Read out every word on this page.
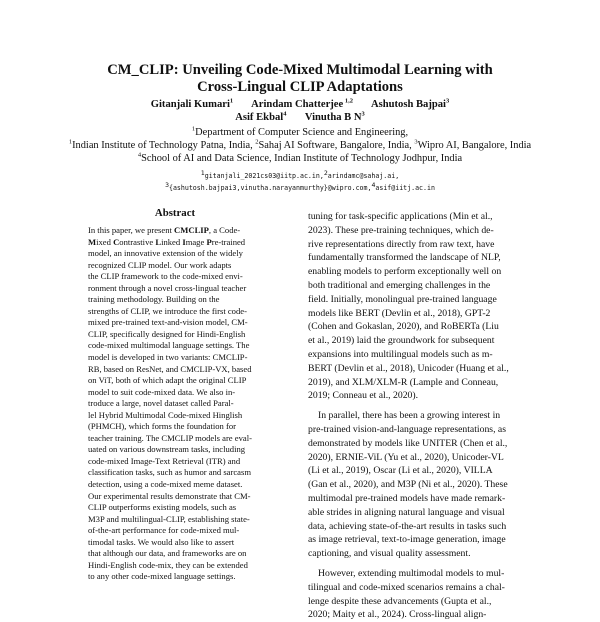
CM_CLIP: Unveiling Code-Mixed Multimodal Learning with
Cross-Lingual CLIP Adaptations
Gitanjali Kumari$^1$ Arindam Chatterjee $^{1,2}$ Ashutosh Bajpai$^3$
Asif Ekbal$^4$ Vinutha B $N^3$
$^1$Department of Computer Science and Engineering,
$^1$Indian Institute of Technology Patna, India, $^2$Sahaj AI Software, Bangalore, India, $^3$Wipro AI, Bangalore, India
$^4$School of AI and Data Science, Indian Institute of Technology Jodhpur, India
$^1$gitanjali_2021cs03@iitp.ac.in,$^2$arindamc@sahaj.ai,
$^3${ashutosh.bajpai3,vinutha.narayanmurthy}@wipro.com,$^4$asif@iitj.ac.in
Abstract
In this paper, we present CMCLIP, a Code-
Mixed Contrastive Linked Image Pre-trained
model, an innovative extension of the widely
recognized CLIP model. Our work adapts
the CLIP framework to the code-mixed envi-
ronment through a novel cross-lingual teacher
training methodology. Building on the
strengths of CLIP, we introduce the first code-
mixed pre-trained text-and-vision model, CM-
CLIP, specifically designed for Hindi-English
code-mixed multimodal language settings. The
model is developed in two variants: CMCLIP-
RB, based on ResNet, and CMCLIP-VX, based
on ViT, both of which adapt the original CLIP
model to suit code-mixed data. We also in-
troduce a large, novel dataset called Paral-
lel Hybrid Multimodal Code-mixed Hinglish
(PHMCH), which forms the foundation for
teacher training. The CMCLIP models are eval-
uated on various downstream tasks, including
code-mixed Image-Text Retrieval (ITR) and
classification tasks, such as humor and sarcasm
detection, using a code-mixed meme dataset.
Our experimental results demonstrate that CM-
CLIP outperforms existing models, such as
M3P and multilingual-CLIP, establishing state-
of-the-art performance for code-mixed mul-
timodal tasks. We would also like to assert
that although our data, and frameworks are on
Hindi-English code-mix, they can be extended
to any other code-mixed language settings.
tuning for task-specific applications (Min et al.,
2023). These pre-training techniques, which de-
rive representations directly from raw text, have
fundamentally transformed the landscape of NLP,
enabling models to perform exceptionally well on
both traditional and emerging challenges in the
field. Initially, monolingual pre-trained language
models like BERT (Devlin et al., 2018), GPT-2
(Cohen and Gokaslan, 2020), and RoBERTa (Liu
et al., 2019) laid the groundwork for subsequent
expansions into multilingual models such as m-
BERT (Devlin et al., 2018), Unicoder (Huang et al.,
2019), and XLM/XLM-R (Lample and Conneau,
2019; Conneau et al., 2020).
In parallel, there has been a growing interest in
pre-trained vision-and-language representations, as
demonstrated by models like UNITER (Chen et al.,
2020), ERNIE-ViL (Yu et al., 2020), Unicoder-VL
(Li et al., 2019), Oscar (Li et al., 2020), VILLA
(Gan et al., 2020), and M3P (Ni et al., 2020). These
multimodal pre-trained models have made remark-
able strides in aligning natural language and visual
data, achieving state-of-the-art results in tasks such
as image retrieval, text-to-image generation, image
captioning, and visual quality assessment.
However, extending multimodal models to mul-
tilingual and code-mixed scenarios remains a chal-
lenge despite these advancements (Gupta et al.,
2020; Maity et al., 2024). Cross-lingual align-
